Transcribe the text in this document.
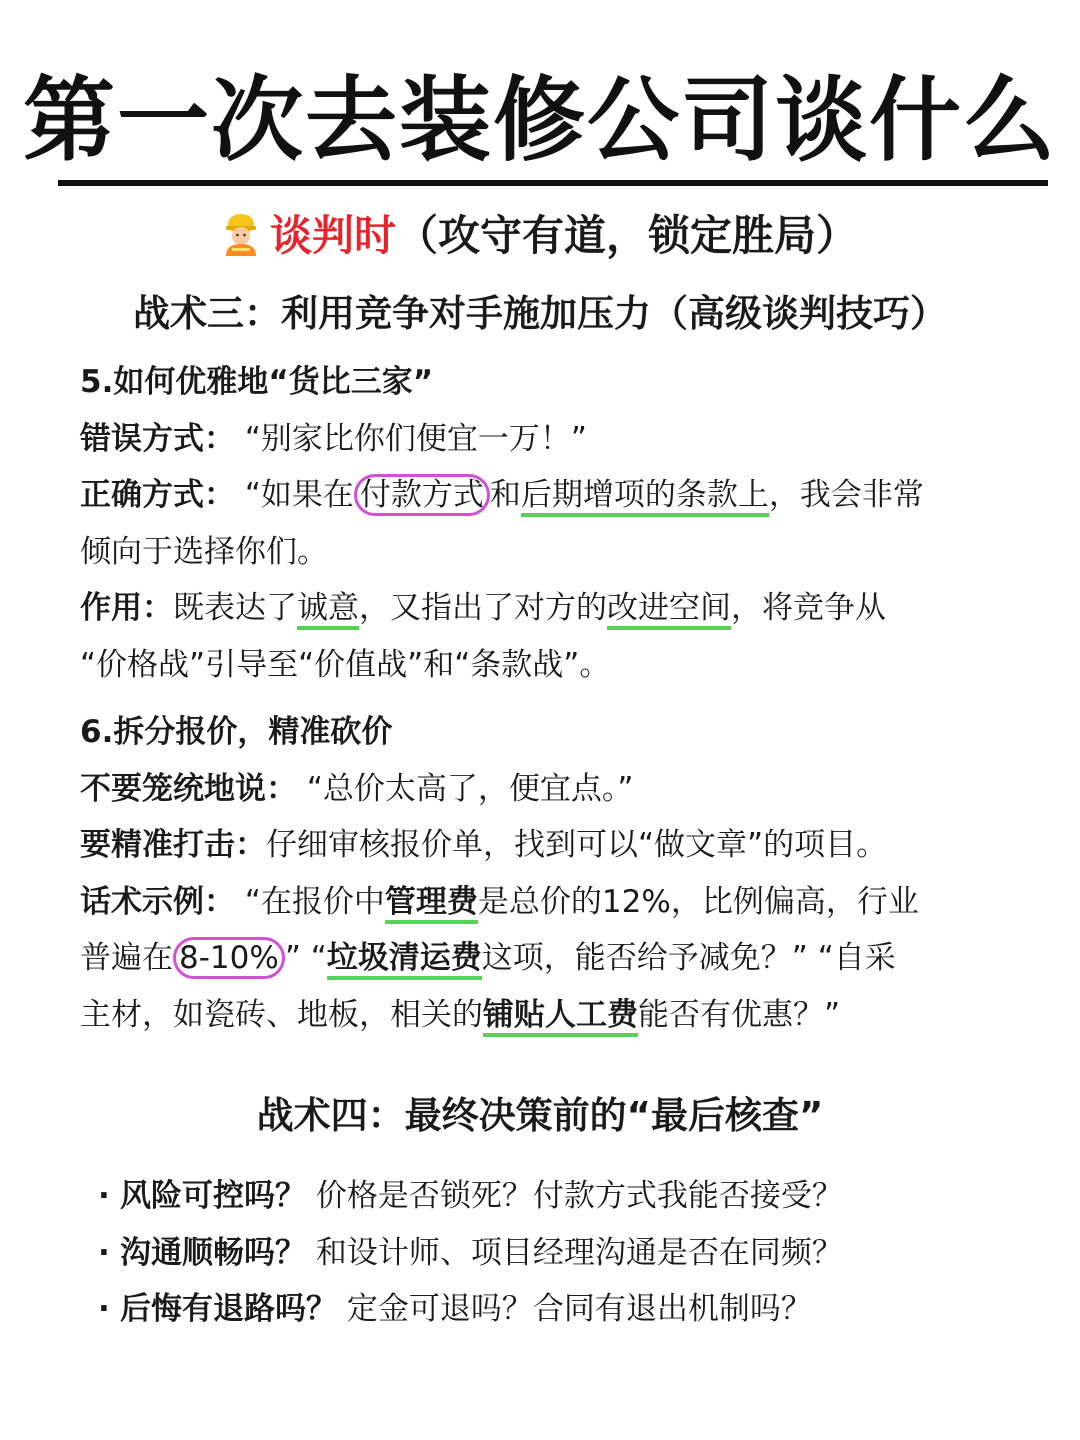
第一次去装修公司谈什么
谈判时（攻守有道，锁定胜局）
战术三：利用竞争对手施加压力（高级谈判技巧）
5.如何优雅地“货比三家”
错误方式： “别家比你们便宜一万！”
正确方式： “如果在 付款方式 和后期增项的条款上，我会非常
倾向于选择你们。
作用：既表达了诚意，又指出了对方的改进空间，将竞争从
“价格战”引导至“价值战”和“条款战”。
6.拆分报价，精准砍价
不要笼统地说： “总价太高了，便宜点。”
要精准打击：仔细审核报价单，找到可以“做文章”的项目。
话术示例： “在报价中管理费是总价的12%，比例偏高，行业
普遍在 8-10% ” “垃圾清运费这项，能否给予减免？” “自采
主材，如瓷砖、地板，相关的铺贴人工费能否有优惠？”
战术四：最终决策前的“最后核查”
· 风险可控吗？ 价格是否锁死？付款方式我能否接受？
· 沟通顺畅吗？ 和设计师、项目经理沟通是否在同频？
· 后悔有退路吗？ 定金可退吗？合同有退出机制吗？
